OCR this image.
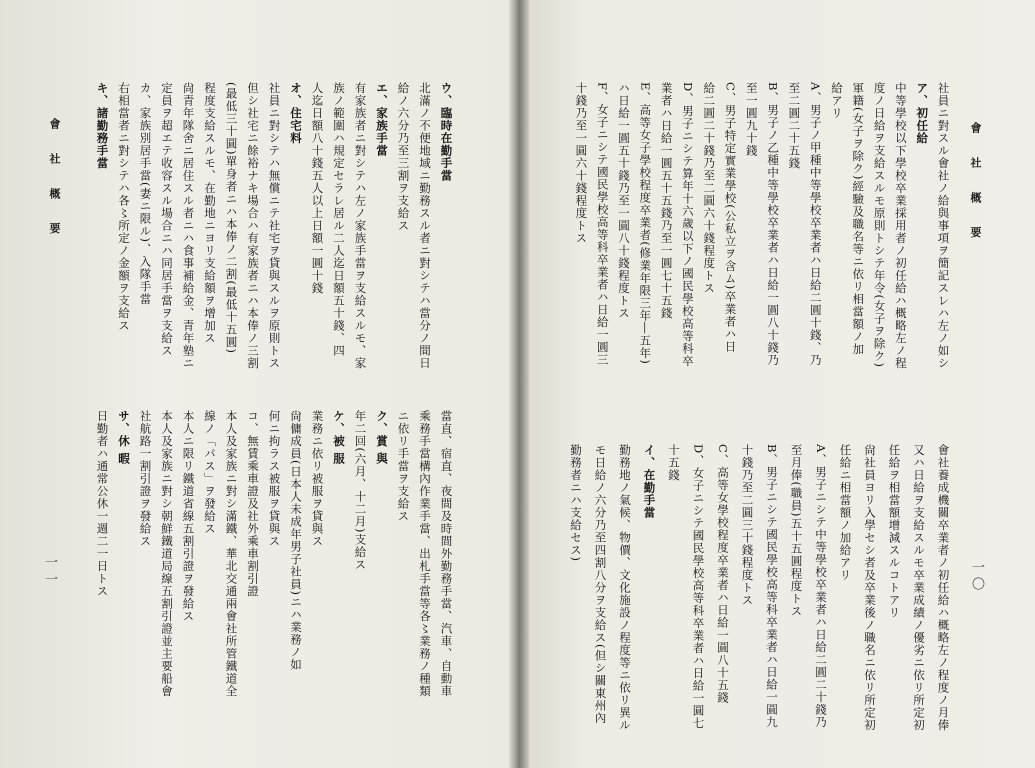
ウ、臨時在勤手當
北滿ノ不便地域ニ勤務スル者ニ對シテハ當分ノ間日
給ノ六分乃至三割ヲ支給ス
エ、家族手當
有家族者ニ對シテハ左ノ家族手當ヲ支給スルモ、家
族ノ範圍ハ規定セラレ居ル二人迄日額五十錢、四
人迄日額八十錢五人以上日額一圓十錢
オ、住宅料
社員ニ對シテハ無償ニテ社宅ヲ貸與スルヲ原則トス
但シ社宅ニ餘裕ナキ場合ハ有家族者ニハ本俸ノ三割
(最低三十圓)單身者ニハ本俸ノ二割(最低十五圓)
程度支給スルモ、在勤地ニヨリ支給額ヲ增加ス
尙青年隊舍ニ居住スル者ニハ食事補給金、青年塾ニ
定員ヲ超エテ收容スル場合ニハ同居手當ヲ支給ス
カ、家族別居手當(妻ニ限ル)、入隊手當
右相當者ニ對シテハ各〻所定ノ金額ヲ支給ス
キ、諸勤務手當
當直、宿直、夜間及時間外勤務手當、汽車、自動車
乘務手當構內作業手當、出札手當等各〻業務ノ種類
ニ依リ手當ヲ支給ス
ク、賞 與
年二回(六月、十二月)支給ス
ケ、被 服
業務ニ依リ被服ヲ貸與ス
尙傭成員(日本人未成年男子社員)ニハ業務ノ如
何ニ拘ラス被服ヲ貸與ス
コ、無賃乘車證及社外乘車割引證
本人及家族ニ對シ滿鐵、華北交通兩會社所管鐵道全
線ノ「パス」ヲ發給ス
本人ニ限リ鐵道省線五割引證ヲ發給ス
本人及家族ニ對シ朝鮮鐵道局線五割引證並主要船會
社航路一割引證ヲ發給ス
サ、休 暇
日勤者ハ通常公休一週二一日トス
會 社 概 要
一一
社員ニ對スル會社ノ給與事項ヲ簡記スレハ左ノ如シ
ア、初任給
中等學校以下學校卒業採用者ノ初任給ハ概略左ノ程
度ノ日給ヲ支給スルモ原則トシテ年令(女子ヲ除ク)
軍籍(女子ヲ除ク)經驗及職名等ニ依リ相當額ノ加
給アリ
A、男子ノ甲種中等學校卒業者ハ日給二圓十錢、乃
至二圓二十五錢
B、男子ノ乙種中等學校卒業者ハ日給一圓八十錢乃
至一圓九十錢
C、男子特定實業學校(公私立ヲ含ム)卒業者ハ日
給二圓二十錢乃至二圓六十錢程度トス
D、男子ニシテ算年十六歲以下ノ國民學校高等科卒
業者ハ日給一圓五十五錢乃至一圓七十五錢
E、高等女子學校程度卒業者(修業年限三年―五年)
ハ日給一圓五十錢乃至一圓八十錢程度トス
F、女子ニシテ國民學校高等科卒業者ハ日給一圓三
十錢乃至一圓六十錢程度トス
會社養成機關卒業者ノ初任給ハ概略左ノ程度ノ月俸
又ハ日給ヲ支給スルモ卒業成績ノ優劣ニ依リ所定初
任給ヲ相當額增減スルコトアリ
尙社員ヨリ入學セシ者及卒業後ノ職名ニ依リ所定初
任給ニ相當額ノ加給アリ
A、男子ニシテ中等學校卒業者ハ日給二圓二十錢乃
至月俸(職員)五十五圓程度トス
B、男子ニシテ國民學校高等科卒業者ハ日給一圓九
十錢乃至二圓三十錢程度トス
C、高等女學校程度卒業者ハ日給一圓八十五錢
D、女子ニシテ國民學校高等科卒業者ハ日給一圓七
十五錢
イ、在勤手當
勤務地ノ氣候、物價、文化施設ノ程度等ニ依リ異ル
モ日給ノ六分乃至四割八分ヲ支給ス(但シ關東州內
勤務者ニハ支給セス)
會 社 概 要
一〇
